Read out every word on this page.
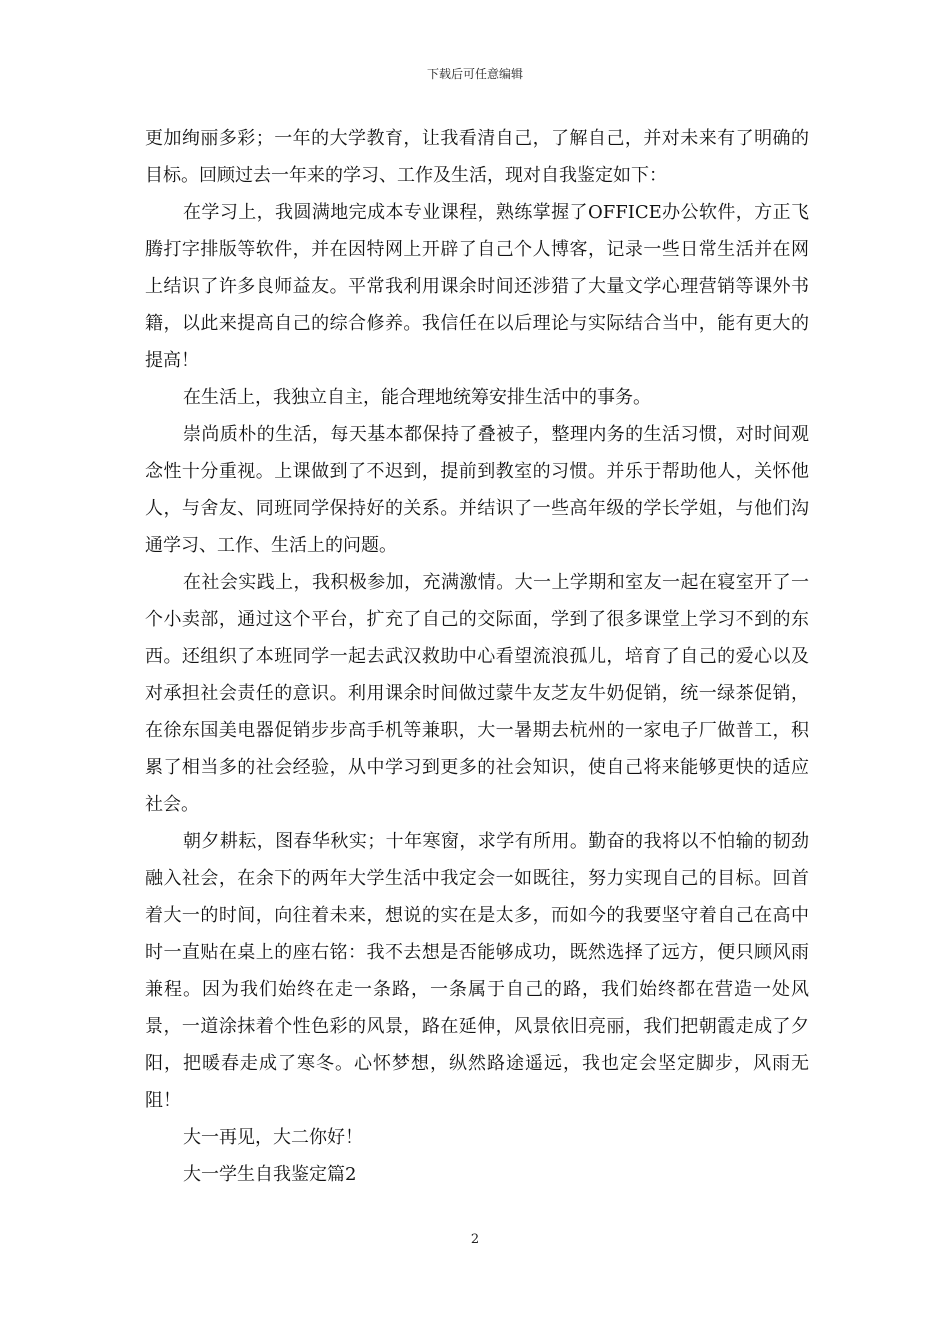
下载后可任意编辑

更加绚丽多彩；一年的大学教育，让我看清自己，了解自己，并对未来有了明确的目标。回顾过去一年来的学习、工作及生活，现对自我鉴定如下：

在学习上，我圆满地完成本专业课程，熟练掌握了OFFICE办公软件，方正飞腾打字排版等软件，并在因特网上开辟了自己个人博客，记录一些日常生活并在网上结识了许多良师益友。平常我利用课余时间还涉猎了大量文学心理营销等课外书籍，以此来提高自己的综合修养。我信任在以后理论与实际结合当中，能有更大的提高！

在生活上，我独立自主，能合理地统筹安排生活中的事务。

崇尚质朴的生活，每天基本都保持了叠被子，整理内务的生活习惯，对时间观念性十分重视。上课做到了不迟到，提前到教室的习惯。并乐于帮助他人，关怀他人，与舍友、同班同学保持好的关系。并结识了一些高年级的学长学姐，与他们沟通学习、工作、生活上的问题。

在社会实践上，我积极参加，充满激情。大一上学期和室友一起在寝室开了一个小卖部，通过这个平台，扩充了自己的交际面，学到了很多课堂上学习不到的东西。还组织了本班同学一起去武汉救助中心看望流浪孤儿，培育了自己的爱心以及对承担社会责任的意识。利用课余时间做过蒙牛友芝友牛奶促销，统一绿茶促销，在徐东国美电器促销步步高手机等兼职，大一暑期去杭州的一家电子厂做普工，积累了相当多的社会经验，从中学习到更多的社会知识，使自己将来能够更快的适应社会。

朝夕耕耘，图春华秋实；十年寒窗，求学有所用。勤奋的我将以不怕输的韧劲融入社会，在余下的两年大学生活中我定会一如既往，努力实现自己的目标。回首着大一的时间，向往着未来，想说的实在是太多，而如今的我要坚守着自己在高中时一直贴在桌上的座右铭：我不去想是否能够成功，既然选择了远方，便只顾风雨兼程。因为我们始终在走一条路，一条属于自己的路，我们始终都在营造一处风景，一道涂抹着个性色彩的风景，路在延伸，风景依旧亮丽，我们把朝霞走成了夕阳，把暖春走成了寒冬。心怀梦想，纵然路途遥远，我也定会坚定脚步，风雨无阻！

大一再见，大二你好！

大一学生自我鉴定篇2

2
